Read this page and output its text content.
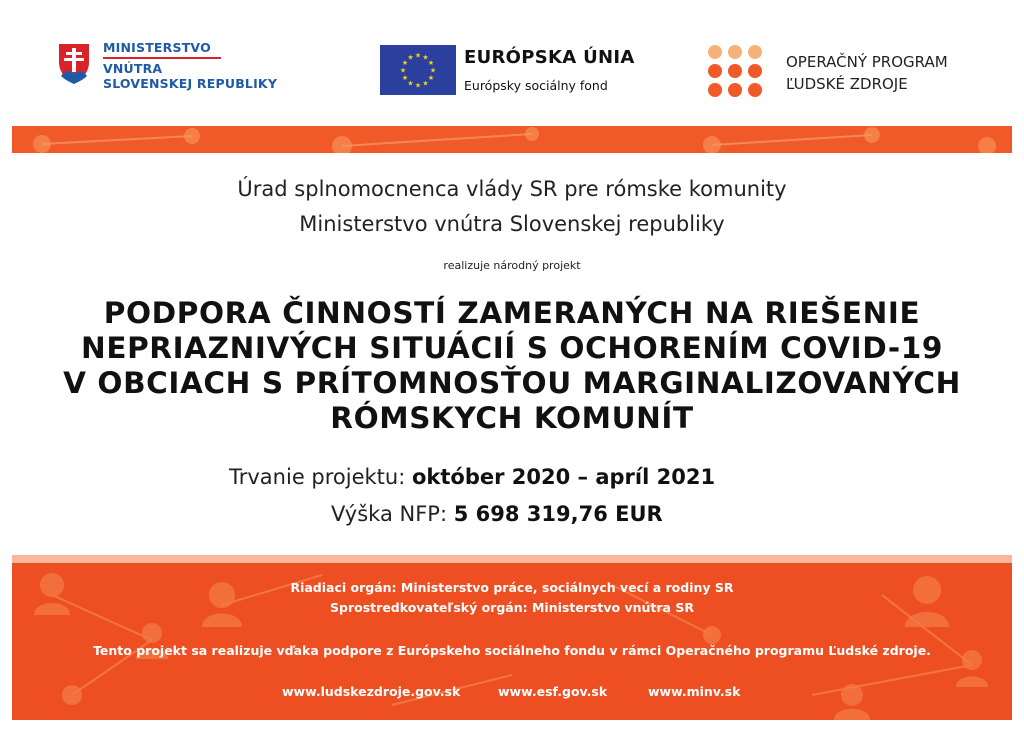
MINISTERSTVO
VNÚTRA
SLOVENSKEJ REPUBLIKY
★ ★
★
★
★
★
★
★
★
★
★
★	EURÓPSKA ÚNIA
Európsky sociálny fond
OPERAČNÝ PROGRAM
ĽUDSKÉ ZDROJE
Úrad splnomocnenca vlády SR pre rómske komunity
Ministerstvo vnútra Slovenskej republiky
realizuje národný projekt
PODPORA ČINNOSTÍ ZAMERANÝCH NA RIEŠENIE
NEPRIAZNIVÝCH SITUÁCIÍ S OCHORENÍM COVID-19
V OBCIACH S PRÍTOMNOSŤOU MARGINALIZOVANÝCH
RÓMSKYCH KOMUNÍT
Trvanie projektu: október 2020 – apríl 2021
Výška NFP: 5 698 319,76 EUR
Riadiaci orgán: Ministerstvo práce, sociálnych vecí a rodiny SR
Sprostredkovateľský orgán: Ministerstvo vnútra SR
Tento projekt sa realizuje vďaka podpore z Európskeho sociálneho fondu v rámci Operačného programu Ľudské zdroje.
www.ludskezdroje.gov.sk	www.esf.gov.sk	www.minv.sk
